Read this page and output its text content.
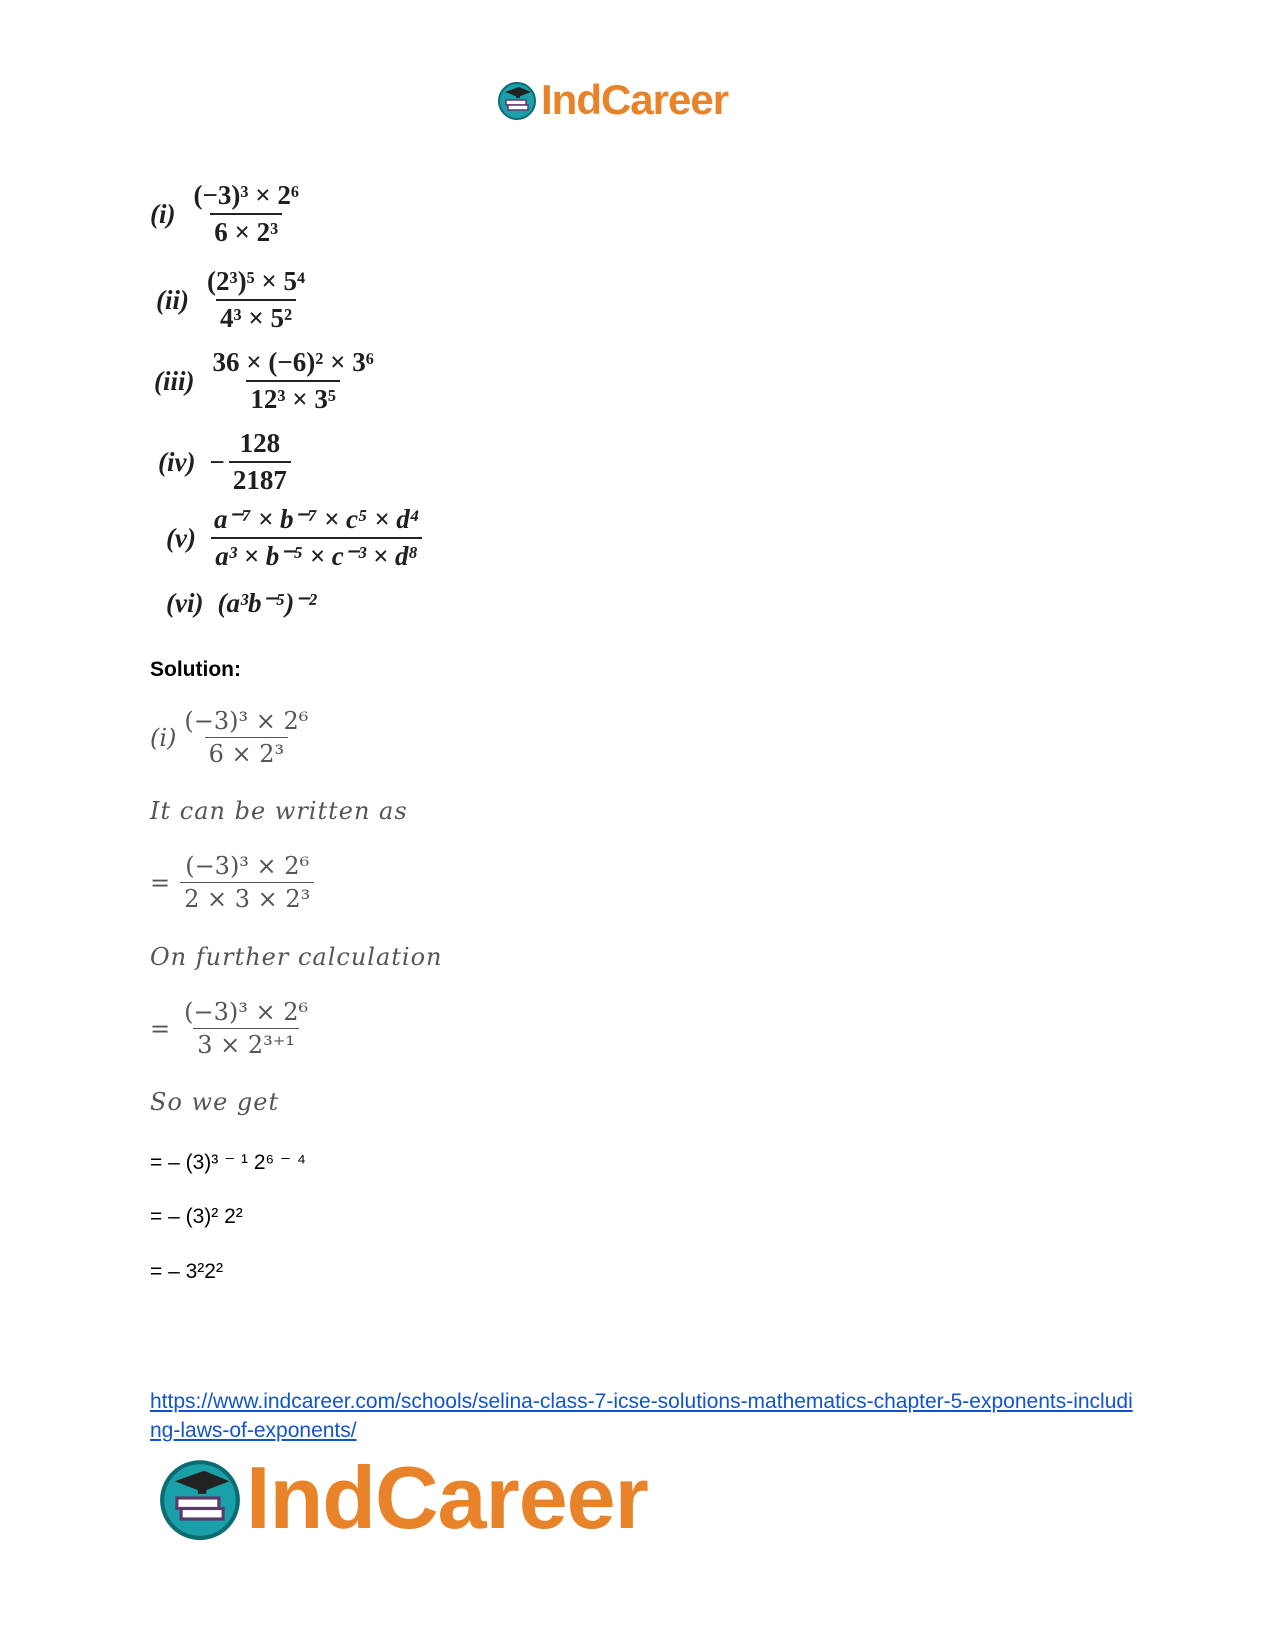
IndCareer
$(i) \frac{\text{(−3)³ × 2⁶}}{\text{6 × 2³}}$
$(ii) \frac{\text{(2³)⁵ × 5⁴}}{\text{4³ × 5²}}$
$(iii) \frac{\text{36 × (−6)² × 3⁶}}{\text{12³ × 3⁵}}$
$(iv) - \frac{128}{2187}$
$(v) \frac{\text{a⁻⁷ × b⁻⁷ × c⁵ × d⁴}}{\text{a³ × b⁻⁵ × c⁻³ × d⁸}}$
(vi) (a³b⁻⁵)⁻²
Solution:
$(i) \frac{\text{(−3)³ × 2⁶}}{\text{6 × 2³}}$
It can be written as
= $\frac{\text{(−3)³ × 2⁶}}{\text{2 × 3 × 2³}}$
On further calculation
= $\frac{\text{(−3)³ × 2⁶}}{\text{3 × 2³⁺¹}}$
So we get
= – (3)³ ⁻ ¹ 2⁶ ⁻ ⁴
= – (3)² 2²
= – 3²2²
https://www.indcareer.com/schools/selina-class-7-icse-solutions-mathematics-chapter-5-exponents-including-laws-of-exponents/
IndCareer
